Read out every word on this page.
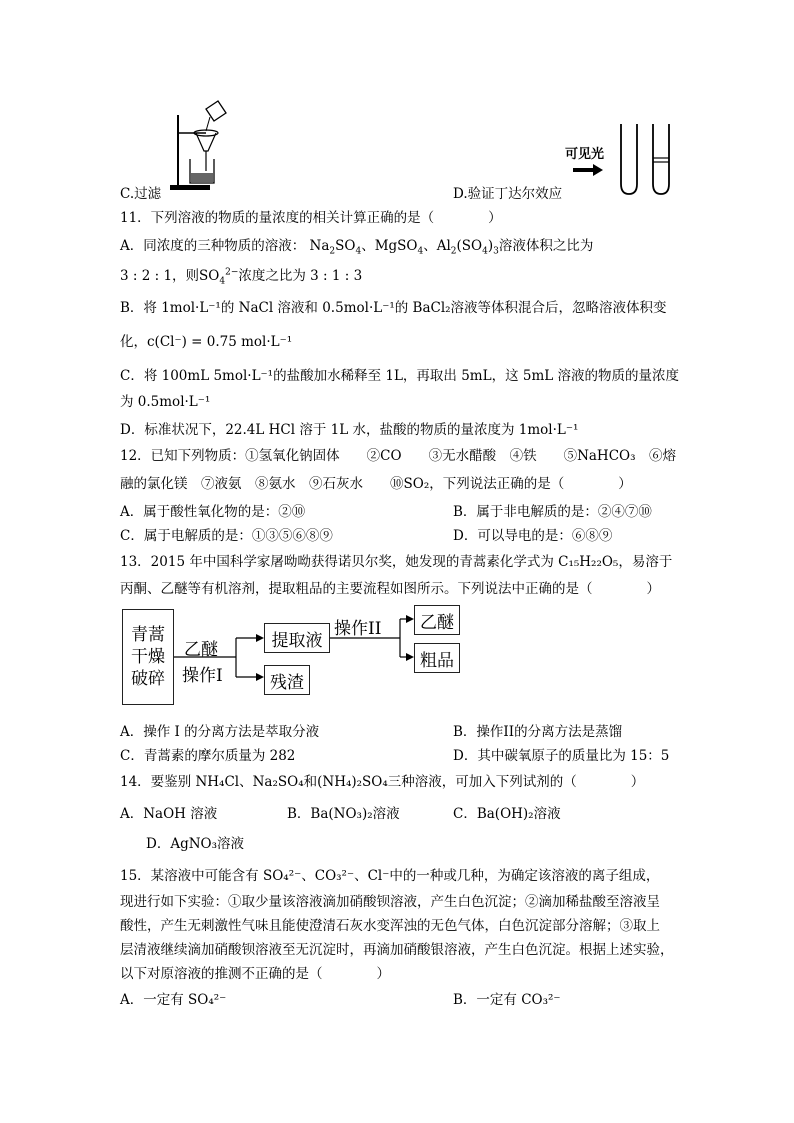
可见光
C.过滤	D.验证丁达尔效应
11．下列溶液的物质的量浓度的相关计算正确的是（　　　　）
A．同浓度的三种物质的溶液： $Na_2SO_4$、MgSO$_4$、$Al_2(SO_4)_3$溶液体积之比为
3 : 2 : 1，则$SO_4^{2-}$浓度之比为 3 : 1 : 3
B．将 1mol·L⁻¹的 NaCl 溶液和 0.5mol·L⁻¹的 BaCl₂溶液等体积混合后，忽略溶液体积变
化，c(Cl⁻) = 0.75 mol·L⁻¹
C．将 100mL 5mol·L⁻¹的盐酸加水稀释至 1L，再取出 5mL，这 5mL 溶液的物质的量浓度
为 0.5mol·L⁻¹
D．标准状况下，22.4L HCl 溶于 1L 水，盐酸的物质的量浓度为 1mol·L⁻¹
12．已知下列物质：①氢氧化钠固体　　②CO　　③无水醋酸　④铁　　⑤NaHCO₃　⑥熔
融的氯化镁　⑦液氨　⑧氨水　⑨石灰水　　⑩SO₂，下列说法正确的是（　　　　）
A．属于酸性氧化物的是：②⑩	B．属于非电解质的是：②④⑦⑩
C．属于电解质的是：①③⑤⑥⑧⑨	D．可以导电的是：⑥⑧⑨
13．2015 年中国科学家屠呦呦获得诺贝尔奖，她发现的青蒿素化学式为 C₁₅H₂₂O₅，易溶于
丙酮、乙醚等有机溶剂，提取粗品的主要流程如图所示。下列说法中正确的是（　　　　）
青蒿
干燥
破碎
乙醚
操作I
提取液
残渣
操作II	乙醚
粗品
A．操作 I 的分离方法是萃取分液	B．操作II的分离方法是蒸馏
C．青蒿素的摩尔质量为 282	D．其中碳氧原子的质量比为 15：5
14．要鉴别 NH₄Cl、Na₂SO₄和(NH₄)₂SO₄三种溶液，可加入下列试剂的（　　　　）
A．NaOH 溶液	B．Ba(NO₃)₂溶液	C．Ba(OH)₂溶液
D．AgNO₃溶液
15．某溶液中可能含有 SO₄²⁻、CO₃²⁻、Cl⁻中的一种或几种，为确定该溶液的离子组成，
现进行如下实验：①取少量该溶液滴加硝酸钡溶液，产生白色沉淀；②滴加稀盐酸至溶液呈
酸性，产生无刺激性气味且能使澄清石灰水变浑浊的无色气体，白色沉淀部分溶解；③取上
层清液继续滴加硝酸钡溶液至无沉淀时，再滴加硝酸银溶液，产生白色沉淀。根据上述实验，
以下对原溶液的推测不正确的是（　　　　）
A．一定有 SO₄²⁻	B．一定有 CO₃²⁻
